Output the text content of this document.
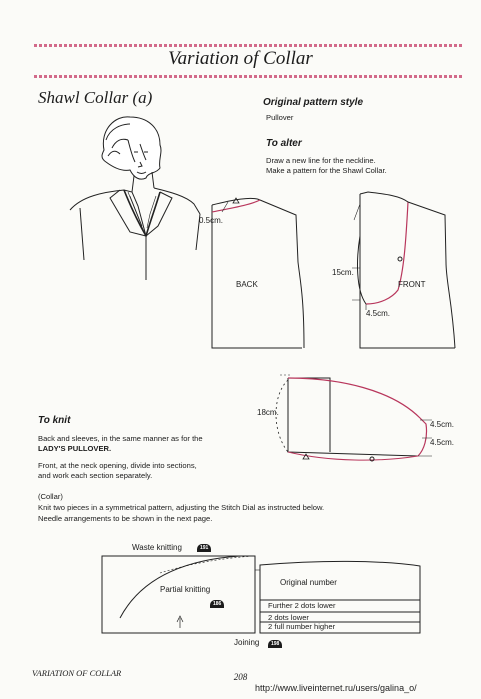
Variation of Collar
Shawl Collar (a)	Original pattern style
Pullover
To alter
Draw a new line for the neckline.
Make a pattern for the Shawl Collar.
0.5cm.
BACK
15cm.
FRONT
4.5cm.
18cm.
4.5cm.
4.5cm.
To knit
Back and sleeves, in the same manner as for the
LADY'S PULLOVER.
Front, at the neck opening, divide into sections,
and work each section separately.
(Collar)
Knit two pieces in a symmetrical pattern, adjusting the Stitch Dial as instructed below.
Needle arrangements to be shown in the next page.
Waste knitting	191
Partial knitting
186
Joining	198
Original number
Further 2 dots lower
2 dots lower
2 full number higher
VARIATION OF COLLAR	208
http://www.liveinternet.ru/users/galina_o/
